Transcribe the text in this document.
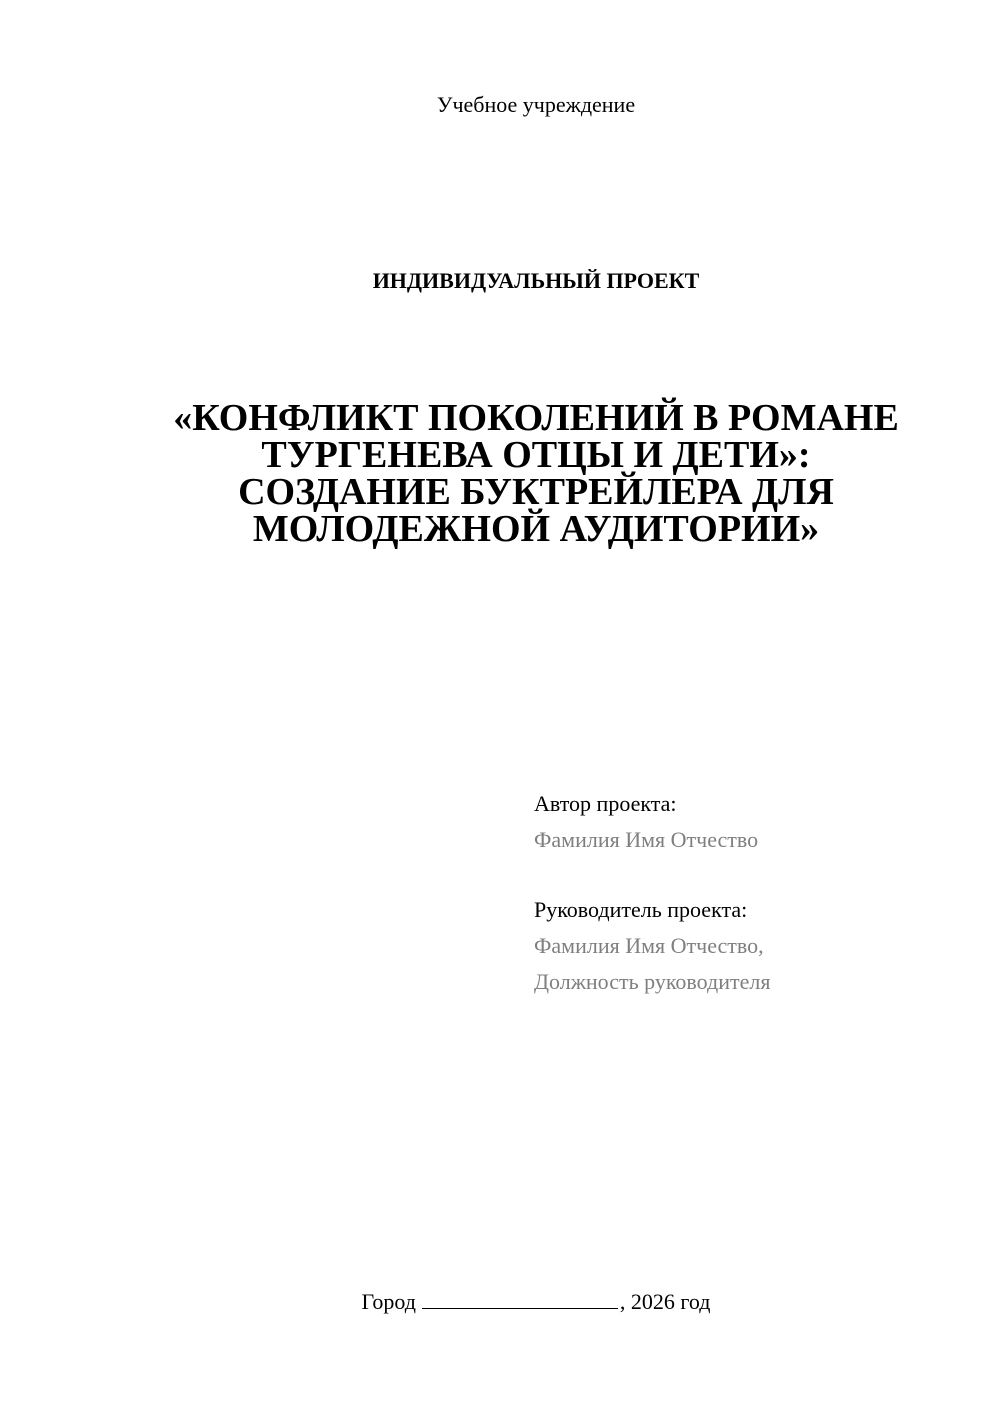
Учебное учреждение
ИНДИВИДУАЛЬНЫЙ ПРОЕКТ
«КОНФЛИКТ ПОКОЛЕНИЙ В РОМАНЕ
ТУРГЕНЕВА ОТЦЫ И ДЕТИ»:
СОЗДАНИЕ БУКТРЕЙЛЕРА ДЛЯ
МОЛОДЕЖНОЙ АУДИТОРИИ»
Автор проекта:
Фамилия Имя Отчество
Руководитель проекта:
Фамилия Имя Отчество,
Должность руководителя
Город	, 2026 год
